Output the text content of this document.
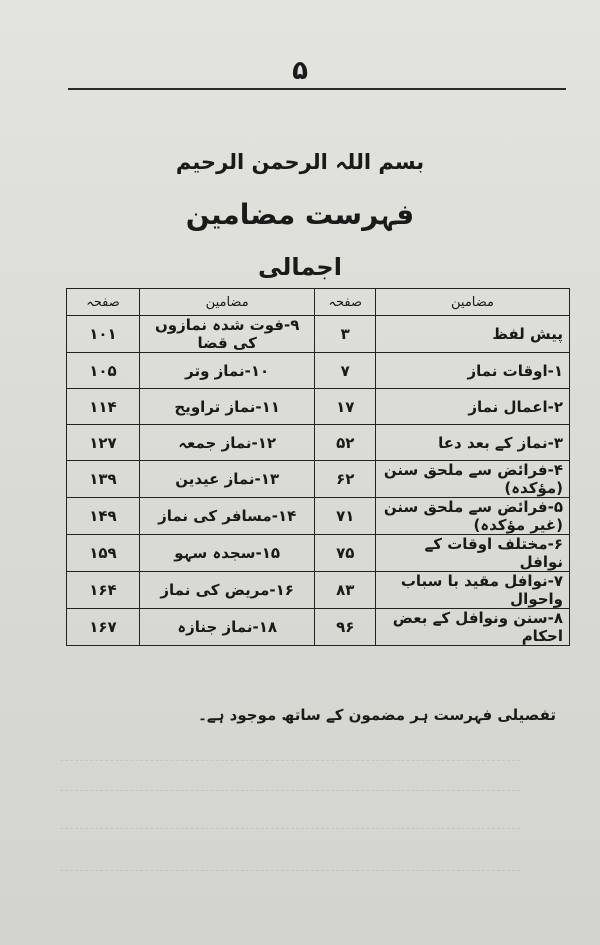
۵
بسم اللہ الرحمن الرحیم
فہرست مضامین
اجمالی
مضامین	صفحہ	مضامین	صفحہ
پیش لفظ	۳	۹-فوت شدہ نمازوں کی قضا	۱۰۱
۱-اوقات نماز	۷	۱۰-نماز وتر	۱۰۵
۲-اعمال نماز	۱۷	۱۱-نماز تراویح	۱۱۴
۳-نماز کے بعد دعا	۵۲	۱۲-نماز جمعہ	۱۲۷
۴-فرائض سے ملحق سنن (مؤکدہ)	۶۲	۱۳-نماز عیدین	۱۳۹
۵-فرائض سے ملحق سنن (غیر مؤکدہ)	۷۱	۱۴-مسافر کی نماز	۱۴۹
۶-مختلف اوقات کے نوافل	۷۵	۱۵-سجدہ سہو	۱۵۹
۷-نوافل مقید با سباب واحوال	۸۳	۱۶-مریض کی نماز	۱۶۴
۸-سنن ونوافل کے بعض احکام	۹۶	۱۸-نماز جنازہ	۱۶۷
تفصیلی فہرست ہر مضمون کے ساتھ موجود ہے۔
